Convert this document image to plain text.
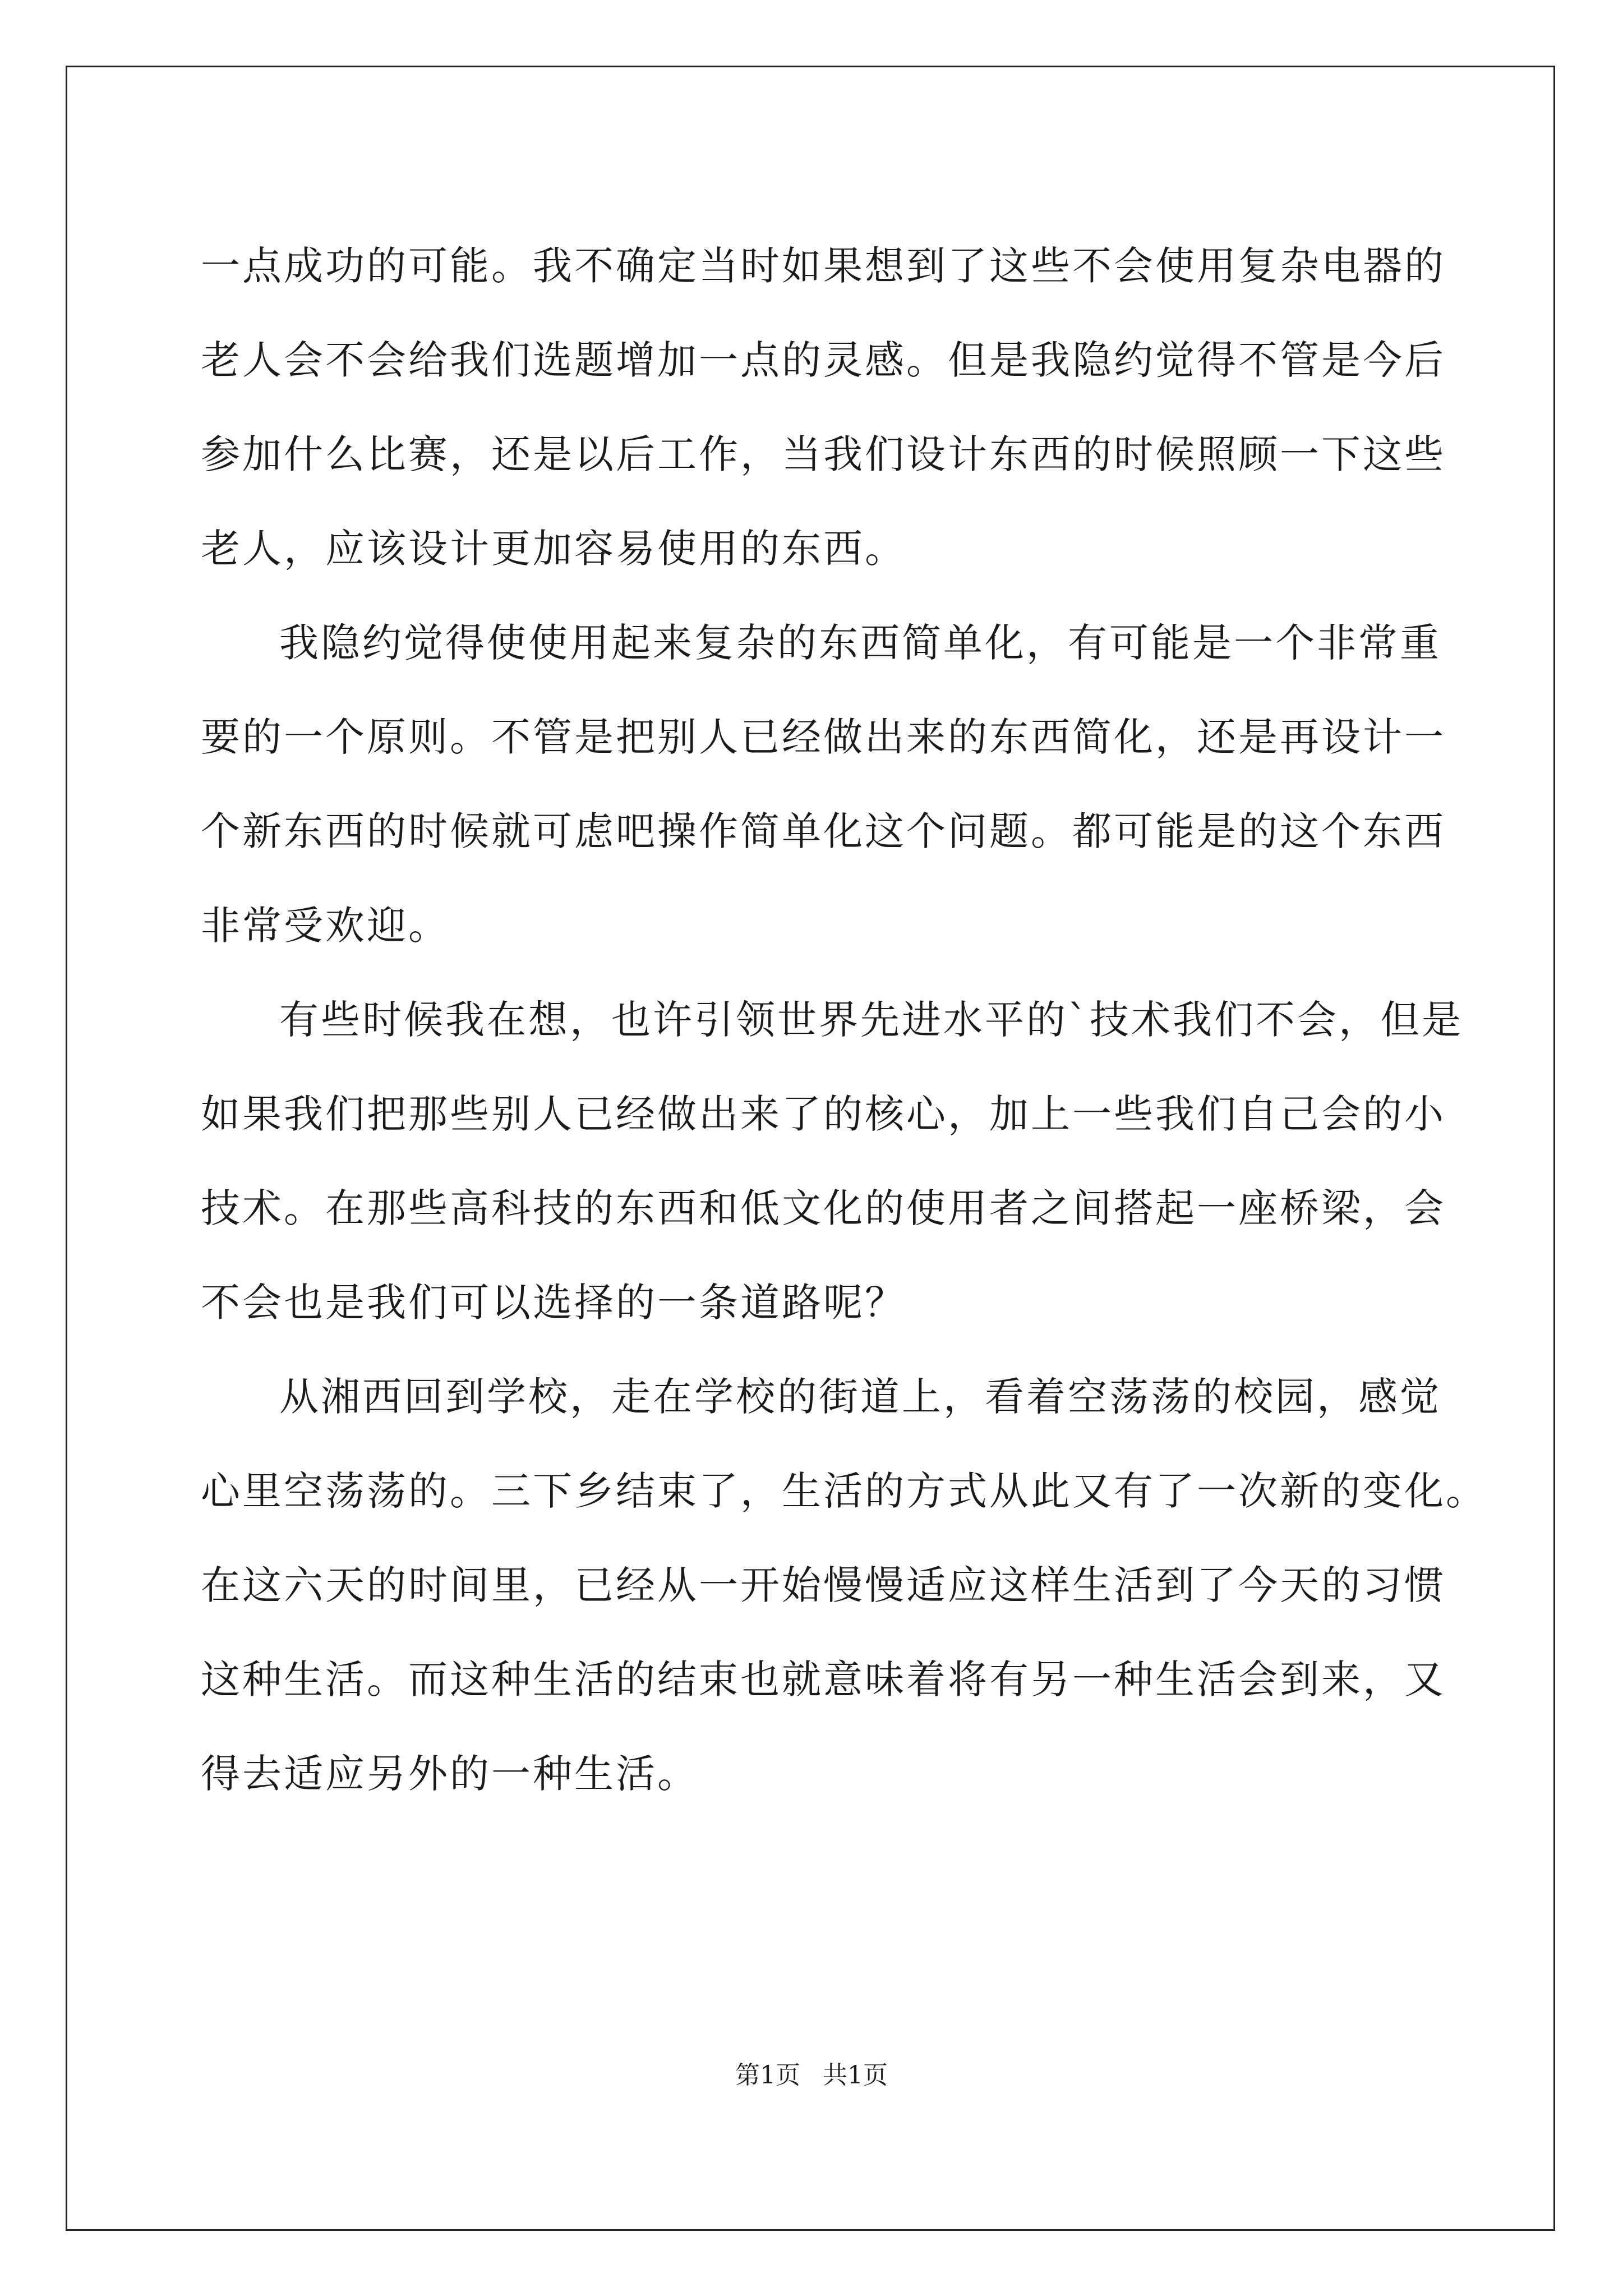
一点成功的可能。我不确定当时如果想到了这些不会使用复杂电器的
老人会不会给我们选题增加一点的灵感。但是我隐约觉得不管是今后
参加什么比赛，还是以后工作，当我们设计东西的时候照顾一下这些
老人，应该设计更加容易使用的东西。
我隐约觉得使使用起来复杂的东西简单化，有可能是一个非常重
要的一个原则。不管是把别人已经做出来的东西简化，还是再设计一
个新东西的时候就可虑吧操作简单化这个问题。都可能是的这个东西
非常受欢迎。
有些时候我在想，也许引领世界先进水平的`技术我们不会，但是
如果我们把那些别人已经做出来了的核心，加上一些我们自己会的小
技术。在那些高科技的东西和低文化的使用者之间搭起一座桥梁，会
不会也是我们可以选择的一条道路呢？
从湘西回到学校，走在学校的街道上，看着空荡荡的校园，感觉
心里空荡荡的。三下乡结束了，生活的方式从此又有了一次新的变化。
在这六天的时间里，已经从一开始慢慢适应这样生活到了今天的习惯
这种生活。而这种生活的结束也就意味着将有另一种生活会到来，又
得去适应另外的一种生活。
第1页 共1页
